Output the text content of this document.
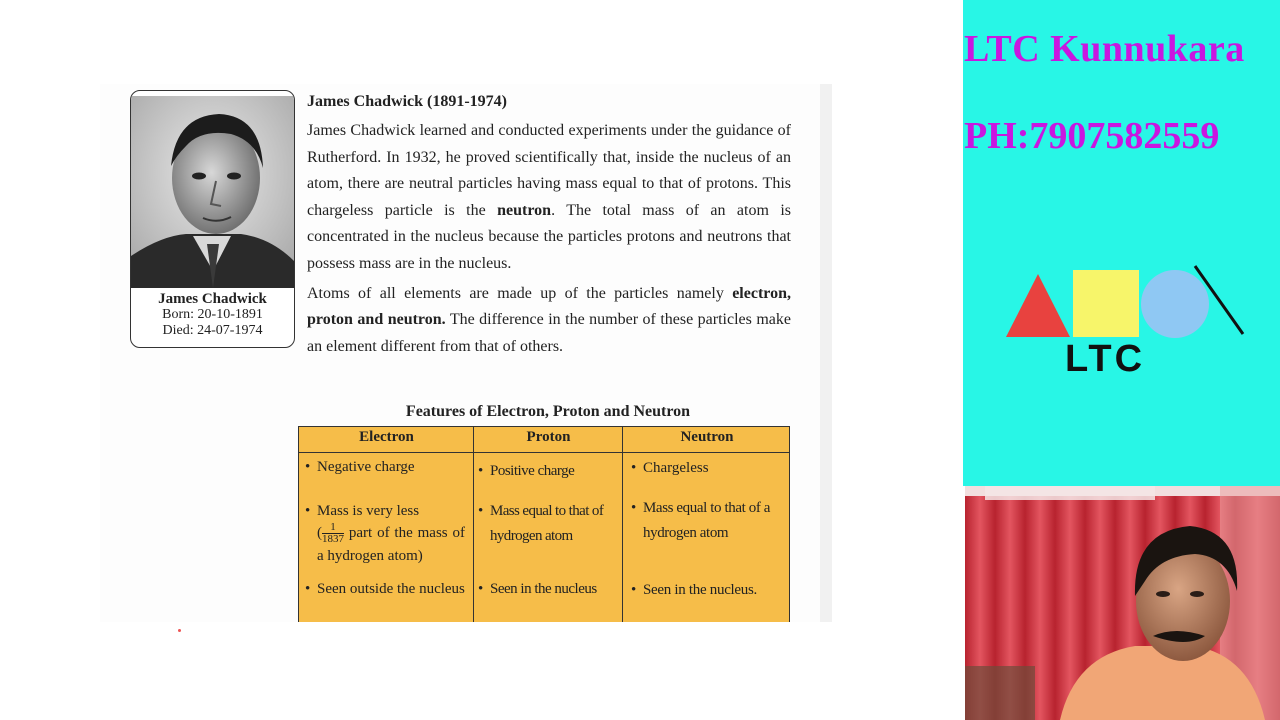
James Chadwick
Born: 20-10-1891
Died: 24-07-1974
James Chadwick (1891-1974)

James Chadwick learned and conducted experiments under the guidance of Rutherford. In 1932, he proved scientifically that, inside the nucleus of an atom, there are neutral particles having mass equal to that of protons. This chargeless particle is the neutron. The total mass of an atom is concentrated in the nucleus because the particles protons and neutrons that possess mass are in the nucleus.

Atoms of all elements are made up of the particles namely electron, proton and neutron. The difference in the number of these particles make an element different from that of others.

Features of Electron, Proton and Neutron
Electron
• Negative charge
• Mass is very less
( $\frac{1}{1837}$ part of the mass of a hydrogen atom)
• Seen outside the nucleus
Proton
• Positive charge
• Mass equal to that of hydrogen atom
• Seen in the nucleus
Neutron
• Chargeless
• Mass equal to that of a hydrogen atom
• Seen in the nucleus.
LTC Kunnukara
PH:7907582559
LTC
